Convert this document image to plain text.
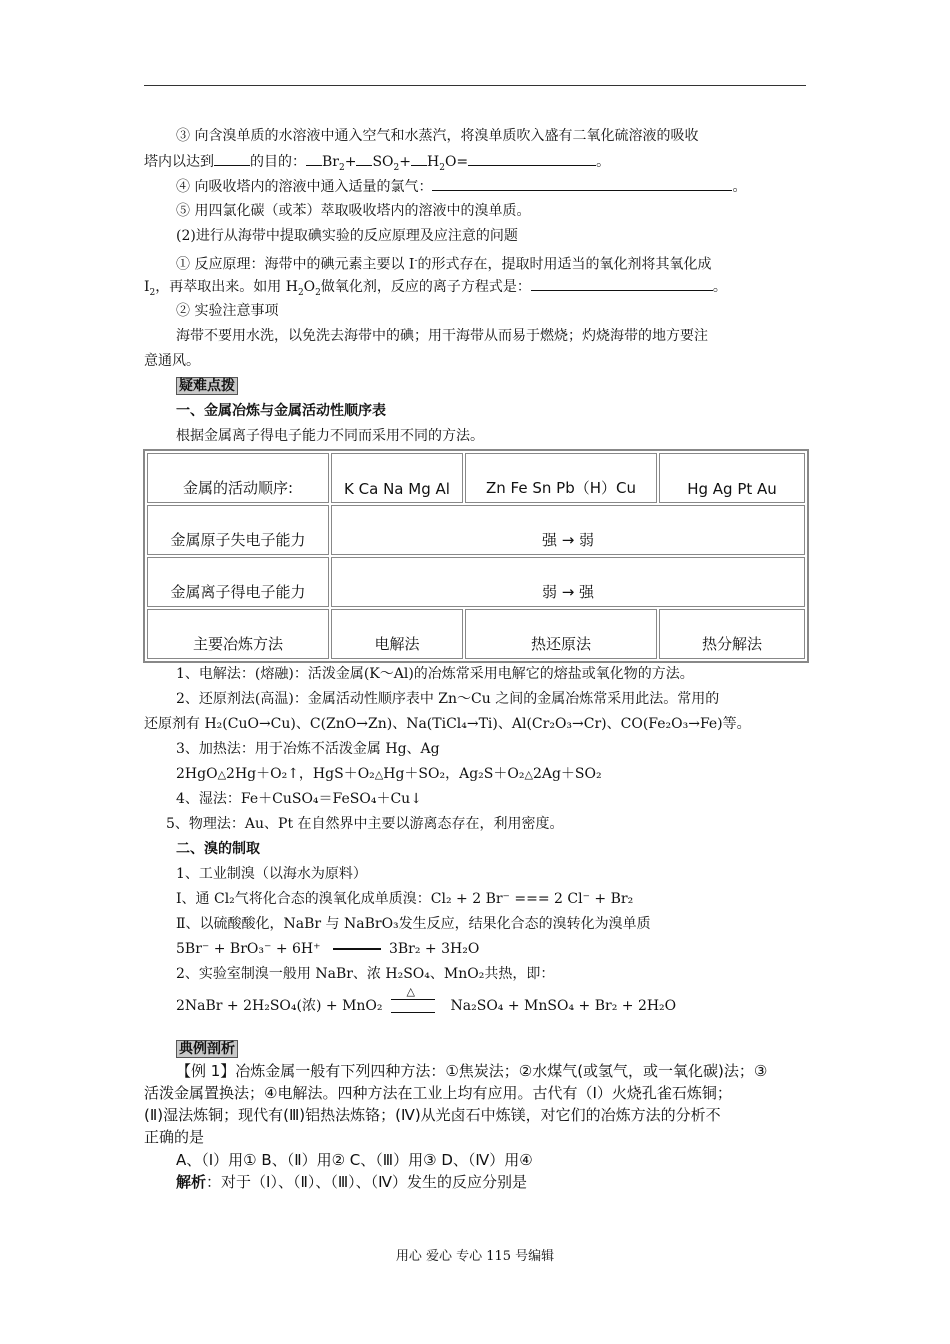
③ 向含溴单质的水溶液中通入空气和水蒸汽，将溴单质吹入盛有二氧化硫溶液的吸收
塔内以达到	的目的： $Br_2+ SO_2+ H_2O=$	。
④ 向吸收塔内的溶液中通入适量的氯气：	。
⑤ 用四氯化碳（或苯）萃取吸收塔内的溶液中的溴单质。
(2)进行从海带中提取碘实验的反应原理及应注意的问题
① 反应原理：海带中的碘元素主要以 I-的形式存在，提取时用适当的氧化剂将其氧化成
$I_2$，再萃取出来。如用 $H_2O_2$做氧化剂，反应的离子方程式是：	。
② 实验注意事项
海带不要用水洗，以免洗去海带中的碘；用干海带从而易于燃烧；灼烧海带的地方要注
意通风。
疑难点拨
一、金属冶炼与金属活动性顺序表
根据金属离子得电子能力不同而采用不同的方法。
金属的活动顺序:	K Ca Na Mg Al	Zn Fe Sn Pb（H）Cu	Hg Ag Pt Au
金属原子失电子能力	强 → 弱		
金属离子得电子能力	弱 → 强		
主要冶炼方法	电解法	热还原法	热分解法
1、电解法：(熔融)：活泼金属(K～Al)的冶炼常采用电解它的熔盐或氧化物的方法。
2、还原剂法(高温)：金属活动性顺序表中 Zn～Cu 之间的金属冶炼常采用此法。常用的
还原剂有 H₂(CuO→Cu)、C(ZnO→Zn)、Na(TiCl₄→Ti)、Al(Cr₂O₃→Cr)、CO(Fe₂O₃→Fe)等。
3、加热法：用于冶炼不活泼金属 Hg、Ag
2HgO△2Hg＋O₂↑，HgS＋O₂△Hg＋SO₂，Ag₂S＋O₂△2Ag＋SO₂
4、湿法：Fe＋CuSO₄＝FeSO₄＋Cu↓
5、物理法：Au、Pt 在自然界中主要以游离态存在，利用密度。
二、溴的制取
1、工业制溴（以海水为原料）
Ⅰ、通 Cl₂气将化合态的溴氧化成单质溴：Cl₂ + 2 Br⁻ === 2 Cl⁻ + Br₂
Ⅱ、以硫酸酸化，NaBr 与 NaBrO₃发生反应，结果化合态的溴转化为溴单质
5Br⁻ + BrO₃⁻ + 6H⁺	3Br₂ + 3H₂O
2、实验室制溴一般用 NaBr、浓 H₂SO₄、MnO₂共热，即：
2NaBr + 2H₂SO₄(浓) + MnO₂
△
Na₂SO₄ + MnSO₄ + Br₂ + 2H₂O
典例剖析
【例 1】冶炼金属一般有下列四种方法：①焦炭法；②水煤气(或氢气，或一氧化碳)法；③
活泼金属置换法；④电解法。四种方法在工业上均有应用。古代有（Ⅰ）火烧孔雀石炼铜；
(Ⅱ)湿法炼铜；现代有(Ⅲ)铝热法炼铬；(Ⅳ)从光卤石中炼镁，对它们的冶炼方法的分析不
正确的是
A、（Ⅰ）用① B、（Ⅱ）用② C、（Ⅲ）用③ D、（Ⅳ）用④
解析：对于（Ⅰ）、（Ⅱ）、（Ⅲ）、（Ⅳ）发生的反应分别是
用心 爱心 专心 115 号编辑
